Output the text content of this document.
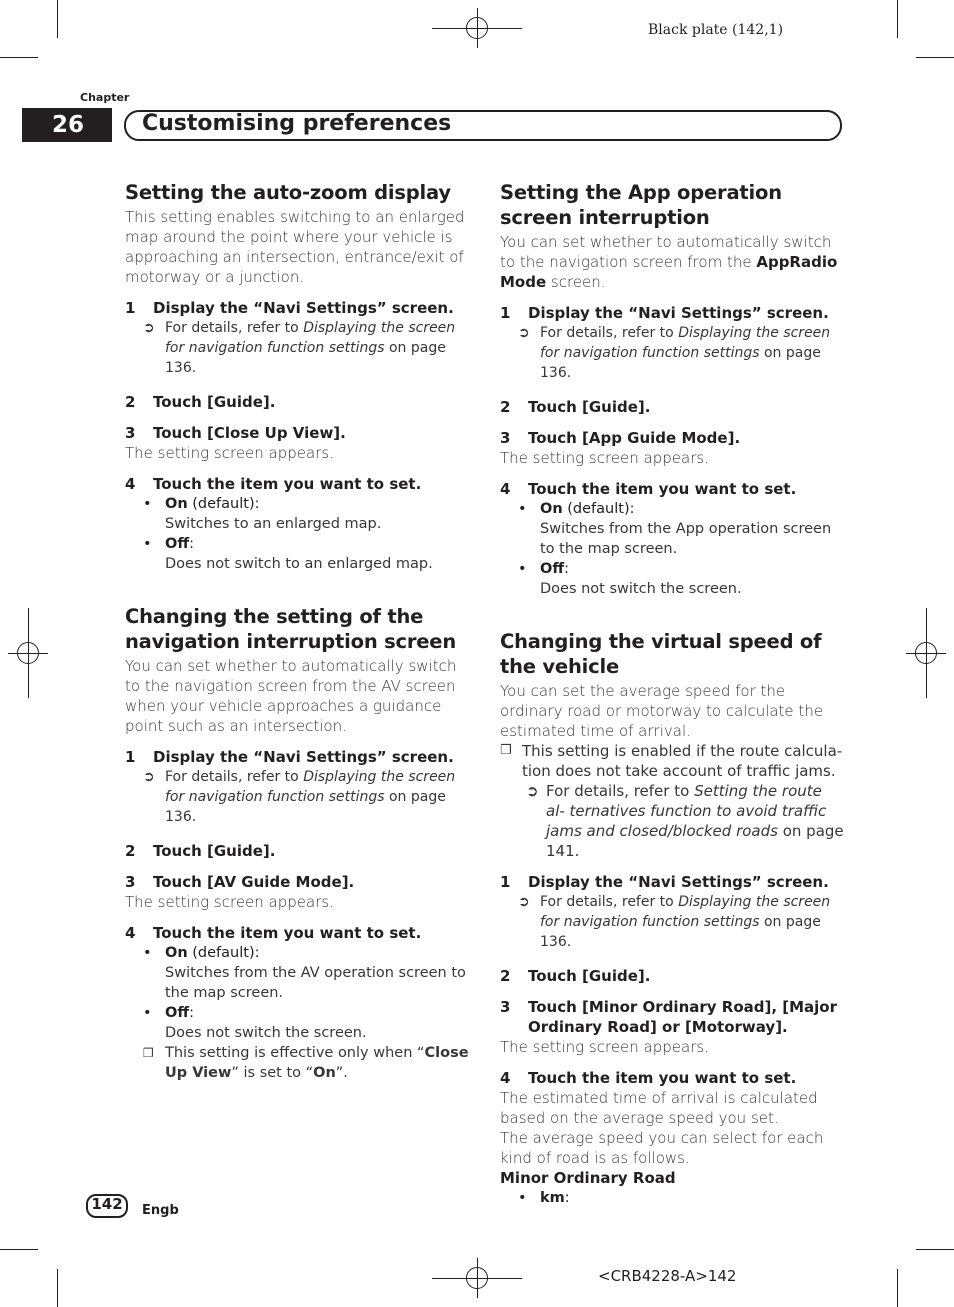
Black plate (142,1)
Chapter
26	Customising preferences
Setting the auto-zoom display
This setting enables switching to an enlarged map around the point where your vehicle is approaching an intersection, entrance/exit of motorway or a junction.
1	Display the “Navi Settings” screen.
➲ For details, refer to Displaying the screen for navigation function settings on page 136.
2	Touch [Guide].
3	Touch [Close Up View].
The setting screen appears.
4	Touch the item you want to set.
• On (default):
Switches to an enlarged map.
• Off:
Does not switch to an enlarged map.
Changing the setting of the navigation interruption screen
You can set whether to automatically switch to the navigation screen from the AV screen when your vehicle approaches a guidance point such as an intersection.
1	Display the “Navi Settings” screen.
➲ For details, refer to Displaying the screen for navigation function settings on page 136.
2	Touch [Guide].
3	Touch [AV Guide Mode].
The setting screen appears.
4	Touch the item you want to set.
• On (default):
Switches from the AV operation screen to the map screen.
• Off:
Does not switch the screen.
❒ This setting is effective only when “Close Up View” is set to “On”.
Setting the App operation screen interruption
You can set whether to automatically switch to the navigation screen from the AppRadio Mode screen.
1	Display the “Navi Settings” screen.
➲ For details, refer to Displaying the screen for navigation function settings on page 136.
2	Touch [Guide].
3	Touch [App Guide Mode].
The setting screen appears.
4	Touch the item you want to set.
• On (default):
Switches from the App operation screen to the map screen.
• Off:
Does not switch the screen.
Changing the virtual speed of the vehicle
You can set the average speed for the ordinary road or motorway to calculate the estimated time of arrival.
❒ This setting is enabled if the route calcula- tion does not take account of traffic jams.
➲ For details, refer to Setting the route al- ternatives function to avoid traffic jams and closed/blocked roads on page 141.
1	Display the “Navi Settings” screen.
➲ For details, refer to Displaying the screen for navigation function settings on page 136.
2	Touch [Guide].
3	Touch [Minor Ordinary Road], [Major Ordinary Road] or [Motorway].
The setting screen appears.
4	Touch the item you want to set.
The estimated time of arrival is calculated based on the average speed you set.
The average speed you can select for each kind of road is as follows.
Minor Ordinary Road
• km:
142	Engb
<CRB4228-A>142
